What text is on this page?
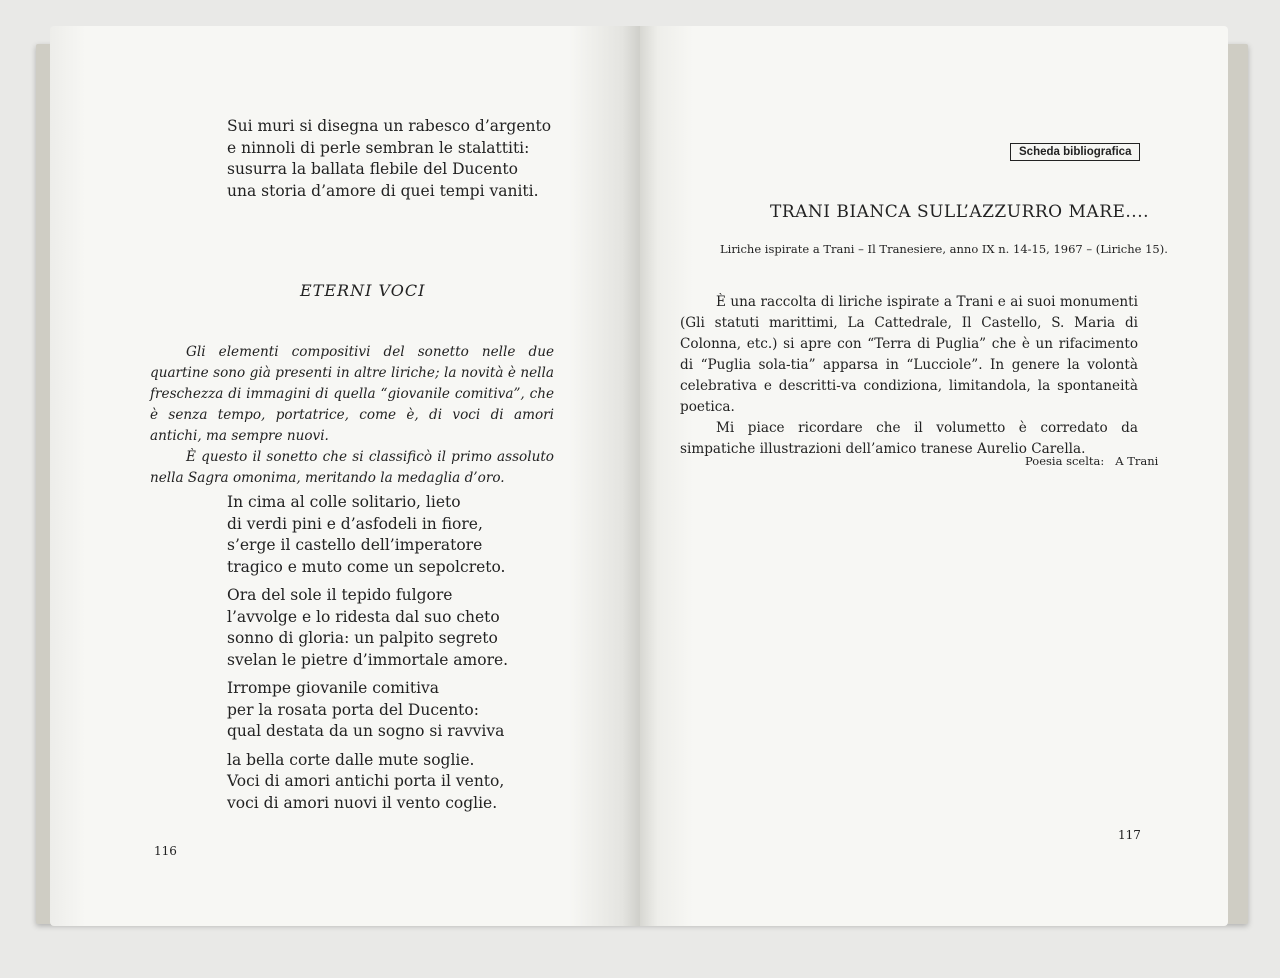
Sui muri si disegna un rabesco d’argento
e ninnoli di perle sembran le stalattiti:
susurra la ballata flebile del Ducento
una storia d’amore di quei tempi vaniti.
ETERNI VOCI

Gli elementi compositivi del sonetto nelle due quartine sono già presenti in altre liriche; la novità è nella freschezza di immagini di quella “giovanile comitiva”, che è senza tempo, portatrice, come è, di voci di amori antichi, ma sempre nuovi.

È questo il sonetto che si classificò il primo assoluto nella Sagra omonima, meritando la medaglia d’oro.

In cima al colle solitario, lieto
di verdi pini e d’asfodeli in fiore,
s’erge il castello dell’imperatore
tragico e muto come un sepolcreto.
Ora del sole il tepido fulgore
l’avvolge e lo ridesta dal suo cheto
sonno di gloria: un palpito segreto
svelan le pietre d’immortale amore.
Irrompe giovanile comitiva
per la rosata porta del Ducento:
qual destata da un sogno si ravviva
la bella corte dalle mute soglie.
Voci di amori antichi porta il vento,
voci di amori nuovi il vento coglie.
116
Scheda bibliografica
TRANI BIANCA SULL’AZZURRO MARE....
Liriche ispirate a Trani – Il Tranesiere, anno IX n. 14-15, 1967 – (Liriche 15).

È una raccolta di liriche ispirate a Trani e ai suoi monumenti (Gli statuti marittimi, La Cattedrale, Il Castello, S. Maria di Colonna, etc.) si apre con “Terra di Puglia” che è un rifacimento di “Puglia sola-tia” apparsa in “Lucciole”. In genere la volontà celebrativa e descritti-va condiziona, limitandola, la spontaneità poetica.

Mi piace ricordare che il volumetto è corredato da simpatiche illustrazioni dell’amico tranese Aurelio Carella.

Poesia scelta: A Trani
117
